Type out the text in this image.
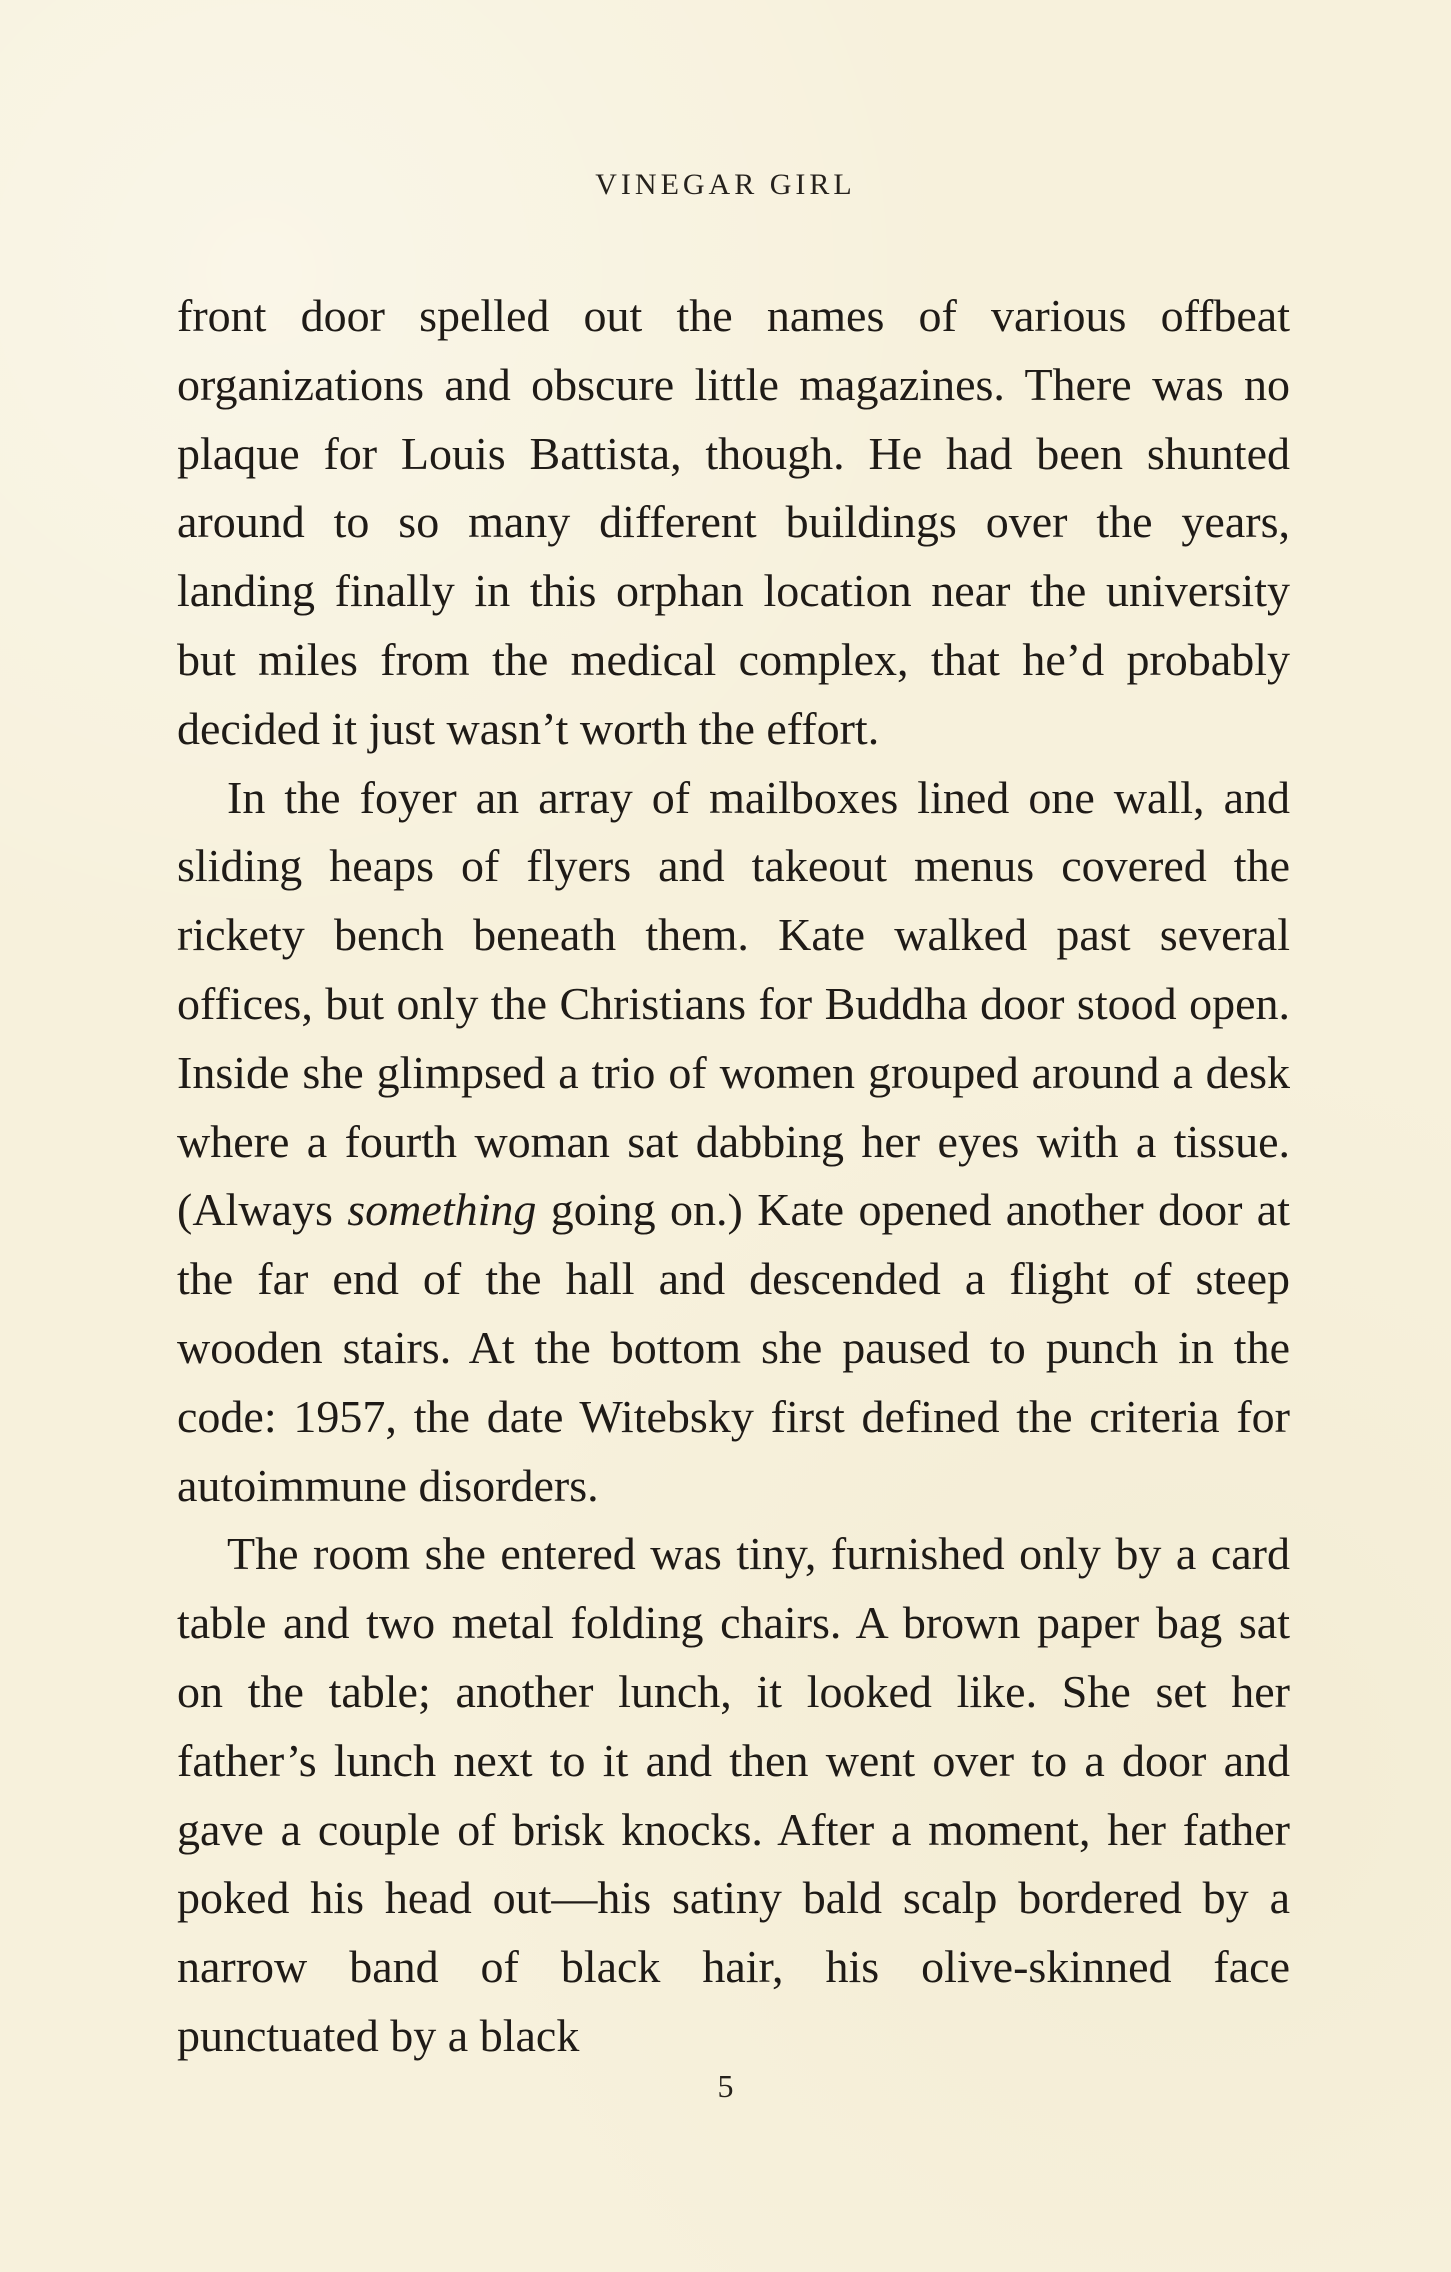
VINEGAR GIRL

front door spelled out the names of various offbeat organizations and obscure little magazines. There was no plaque for Louis Battista, though. He had been shunted around to so many different buildings over the years, landing finally in this orphan location near the university but miles from the medical complex, that he’d probably decided it just wasn’t worth the effort.

In the foyer an array of mailboxes lined one wall, and sliding heaps of flyers and takeout menus covered the rickety bench beneath them. Kate walked past several offices, but only the Christians for Buddha door stood open. Inside she glimpsed a trio of women grouped around a desk where a fourth woman sat dabbing her eyes with a tissue. (Always something going on.) Kate opened another door at the far end of the hall and descended a flight of steep wooden stairs. At the bottom she paused to punch in the code: 1957, the date Witebsky first defined the criteria for autoimmune disorders.

The room she entered was tiny, furnished only by a card table and two metal folding chairs. A brown paper bag sat on the table; another lunch, it looked like. She set her father’s lunch next to it and then went over to a door and gave a couple of brisk knocks. After a moment, her father poked his head out—his satiny bald scalp bordered by a narrow band of black hair, his olive-skinned face punctuated by a black

5
